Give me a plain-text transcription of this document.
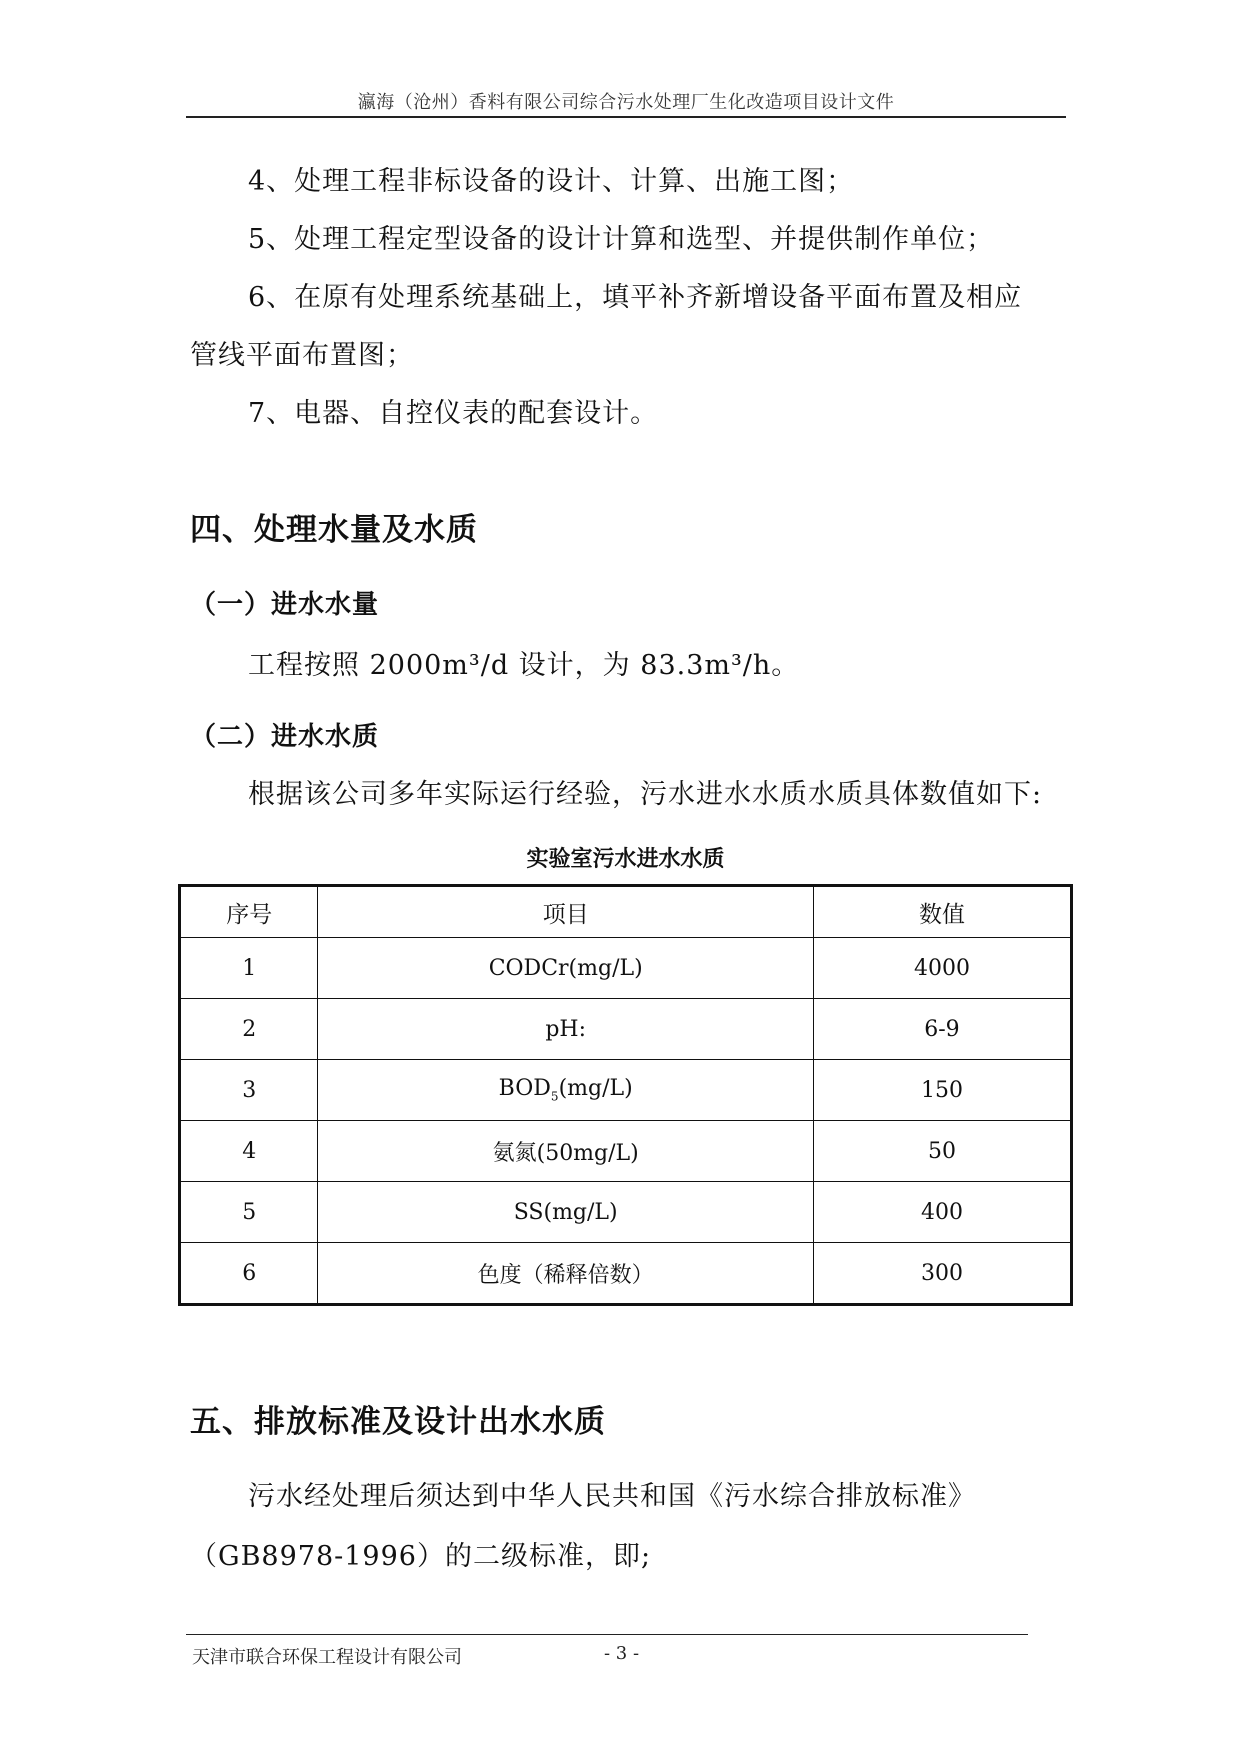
瀛海（沧州）香料有限公司综合污水处理厂生化改造项目设计文件

4、处理工程非标设备的设计、计算、出施工图；

5、处理工程定型设备的设计计算和选型、并提供制作单位；

6、在原有处理系统基础上，填平补齐新增设备平面布置及相应

管线平面布置图；

7、电器、自控仪表的配套设计。

四、处理水量及水质
（一）进水水量

工程按照 2000m³/d 设计，为 83.3m³/h。

（二）进水水质

根据该公司多年实际运行经验，污水进水水质水质具体数值如下:

实验室污水进水水质
序号	项目	数值
1	CODCr(mg/L)	4000
2	pH:	6-9
3	$BOD_5(mg/L)$	150
4	氨氮(50mg/L)	50
5	SS(mg/L)	400
6	色度（稀释倍数）	300
五、排放标准及设计出水水质

污水经处理后须达到中华人民共和国《污水综合排放标准》

（GB8978-1996）的二级标准，即;

天津市联合环保工程设计有限公司	- 3 -
